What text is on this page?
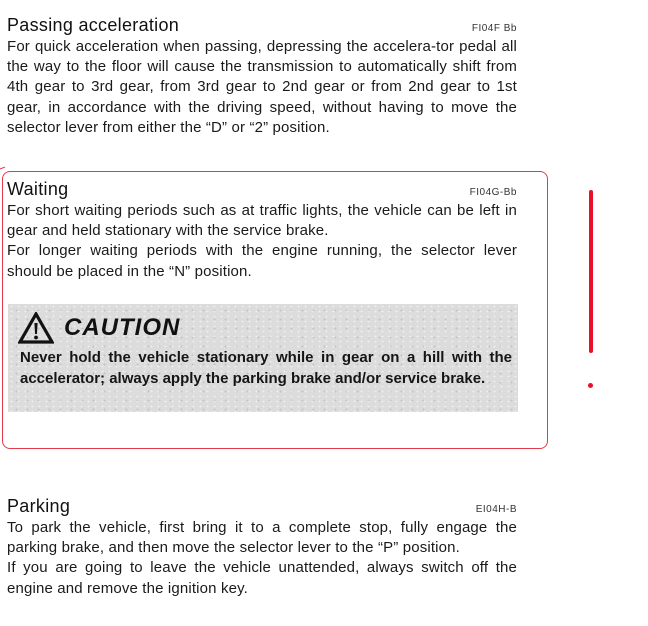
Passing acceleration	FI04F Bb

For quick acceleration when passing, depressing the accelera-tor pedal all the way to the floor will cause the transmission to automatically shift from 4th gear to 3rd gear, from 3rd gear to 2nd gear or from 2nd gear to 1st gear, in accordance with the driving speed, without having to move the selector lever from either the “D” or “2” position.

Waiting	FI04G-Bb

For short waiting periods such as at traffic lights, the vehicle can be left in gear and held stationary with the service brake.

For longer waiting periods with the engine running, the selector lever should be placed in the “N” position.

CAUTION

Never hold the vehicle stationary while in gear on a hill with the accelerator; always apply the parking brake and/or service brake.

Parking	EI04H-B

To park the vehicle, first bring it to a complete stop, fully engage the parking brake, and then move the selector lever to the “P” position.

If you are going to leave the vehicle unattended, always switch off the engine and remove the ignition key.
